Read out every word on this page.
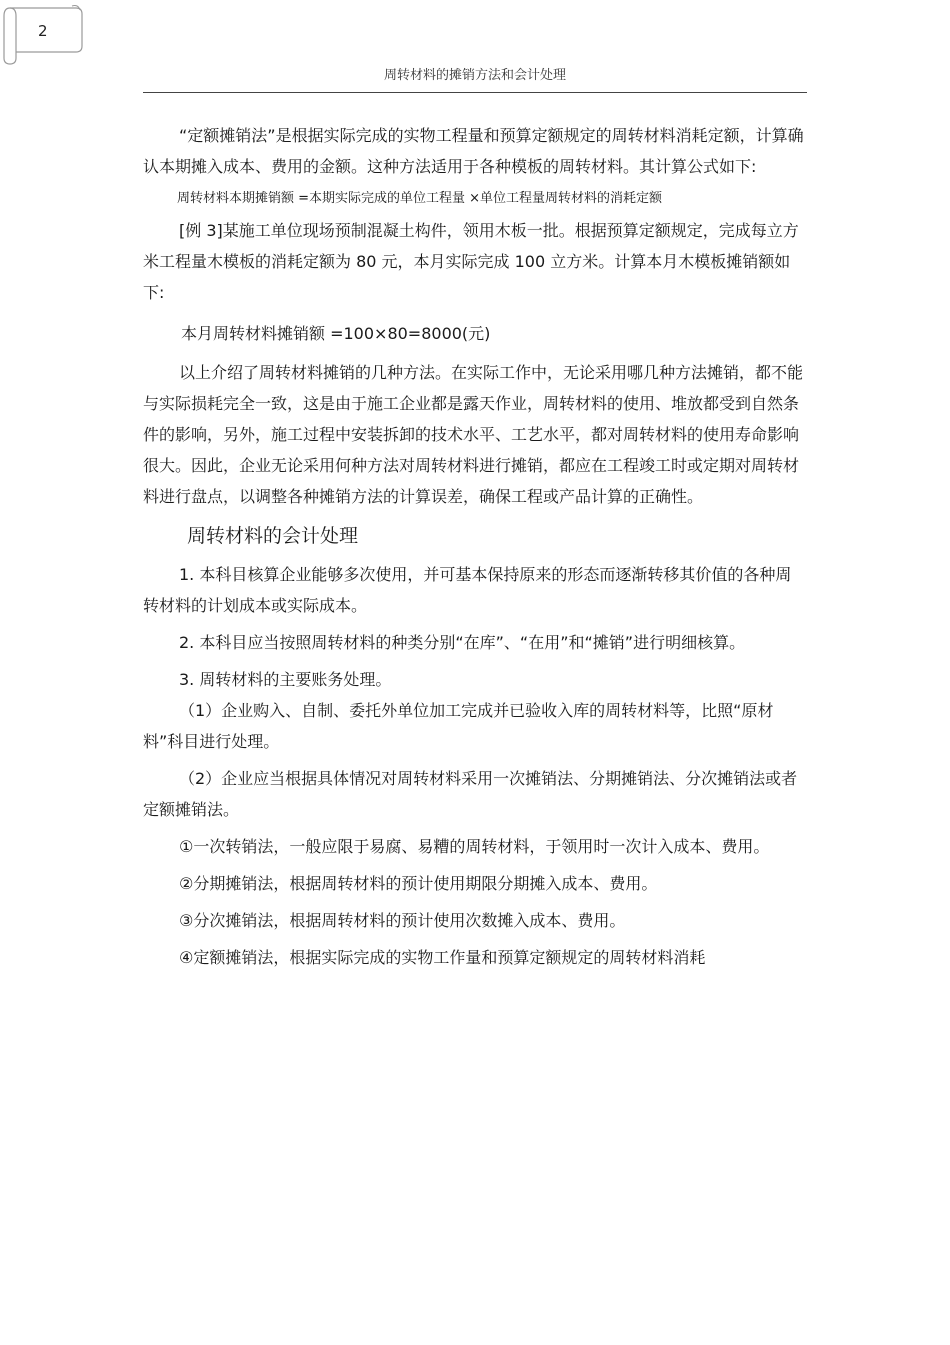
2
周转材料的摊销方法和会计处理

“定额摊销法”是根据实际完成的实物工程量和预算定额规定的周转材料消耗定额，计算确认本期摊入成本、费用的金额。这种方法适用于各种模板的周转材料。其计算公式如下:

周转材料本期摊销额 =本期实际完成的单位工程量 ×单位工程量周转材料的消耗定额

[例 3]某施工单位现场预制混凝土构件，领用木板一批。根据预算定额规定，完成每立方米工程量木模板的消耗定额为 80 元，本月实际完成 100 立方米。计算本月木模板摊销额如下:

本月周转材料摊销额 =100×80=8000(元)

以上介绍了周转材料摊销的几种方法。在实际工作中，无论采用哪几种方法摊销，都不能与实际损耗完全一致，这是由于施工企业都是露天作业，周转材料的使用、堆放都受到自然条件的影响，另外，施工过程中安装拆卸的技术水平、工艺水平，都对周转材料的使用寿命影响很大。因此，企业无论采用何种方法对周转材料进行摊销，都应在工程竣工时或定期对周转材料进行盘点，以调整各种摊销方法的计算误差，确保工程或产品计算的正确性。

周转材料的会计处理

1. 本科目核算企业能够多次使用，并可基本保持原来的形态而逐渐转移其价值的各种周转材料的计划成本或实际成本。

2. 本科目应当按照周转材料的种类分别“在库”、“在用”和“摊销”进行明细核算。

3. 周转材料的主要账务处理。

（1）企业购入、自制、委托外单位加工完成并已验收入库的周转材料等，比照“原材料”科目进行处理。

（2）企业应当根据具体情况对周转材料采用一次摊销法、分期摊销法、分次摊销法或者定额摊销法。

①一次转销法，一般应限于易腐、易糟的周转材料，于领用时一次计入成本、费用。

②分期摊销法，根据周转材料的预计使用期限分期摊入成本、费用。

③分次摊销法，根据周转材料的预计使用次数摊入成本、费用。

④定额摊销法，根据实际完成的实物工作量和预算定额规定的周转材料消耗
